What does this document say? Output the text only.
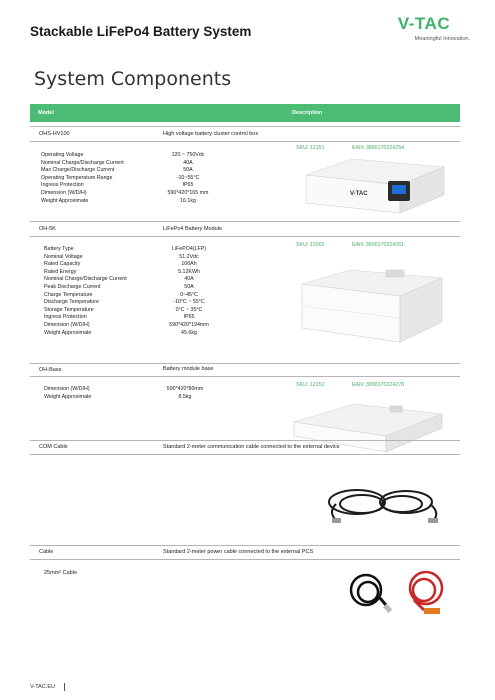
Stackable LiFePo4 Battery System	V-TAC
Meaningful Innovation.
System Components
Model	Description
OHS-HV100	High voltage battery cluster control box
Operating Voltage	120 ~ 750Vdc
Nominal Charge/Discharge Current	40A
Max Charge/Discharge Current	50A
Operating Temperature Range	-10~55°C
Ingress Protection	IP65
Dimension (W/D/H)	590*420*165 mm
Weight Approximate	16.1kg
SKU: 12151	EAN: 3800170224254
V-TAC
OH-5K	LiFePo4 Battery Module
Battery Type	LiFePO4(LFP)
Nominal Voltage	51.2Vdc
Rated Capacity	100Ah
Rated Energy	5.12KWh
Nominal Charge/Discharge Current	40A
Peak Discharge Current	50A
Charge Temperature	0~45°C
Discharge Temperature	-10°C ~ 55°C
Storage Temperature	0°C ~ 35°C
Ingress Protection	IP65
Dimension (W/D/H)	590*420*194mm
Weight Approximate	45.6kg
SKU: 12002	EAN: 3800170224261
OH-Base	Battery module base
Dimension (W/D/H)	590*420*80mm
Weight Approximate	8.5kg
SKU: 12152	EAN: 3800170224278
COM Cable	Standard 2-meter communication cable connected to the external device
Cable	Standard 2-meter power cable connected to the external PCS
25mm² Cable
V-TAC.EU
